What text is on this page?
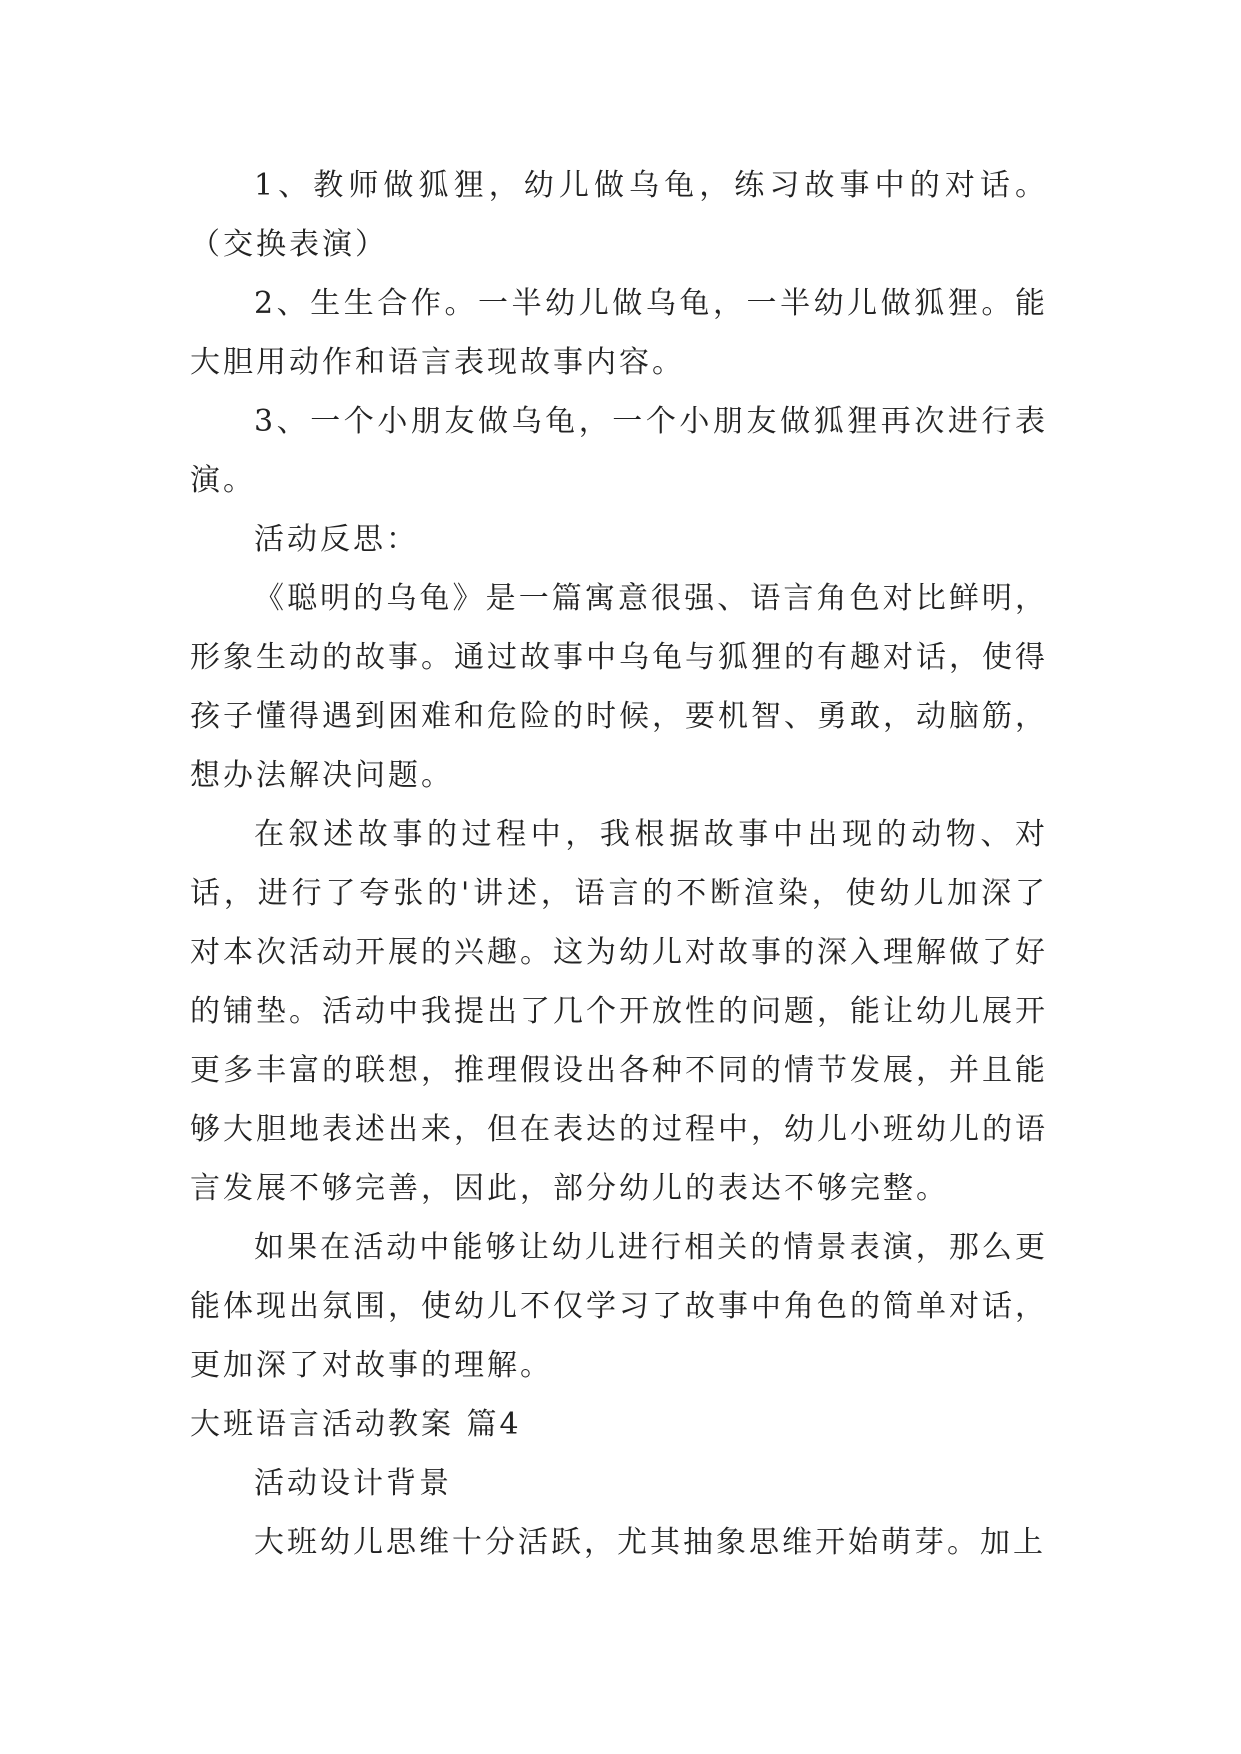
1、教师做狐狸，幼儿做乌龟，练习故事中的对话。（交换表演）

2、生生合作。一半幼儿做乌龟，一半幼儿做狐狸。能大胆用动作和语言表现故事内容。

3、一个小朋友做乌龟，一个小朋友做狐狸再次进行表演。

活动反思：

《聪明的乌龟》是一篇寓意很强、语言角色对比鲜明，形象生动的故事。通过故事中乌龟与狐狸的有趣对话，使得孩子懂得遇到困难和危险的时候，要机智、勇敢，动脑筋，想办法解决问题。

在叙述故事的过程中，我根据故事中出现的动物、对话，进行了夸张的'讲述，语言的不断渲染，使幼儿加深了对本次活动开展的兴趣。这为幼儿对故事的深入理解做了好的铺垫。活动中我提出了几个开放性的问题，能让幼儿展开更多丰富的联想，推理假设出各种不同的情节发展，并且能够大胆地表述出来，但在表达的过程中，幼儿小班幼儿的语言发展不够完善，因此，部分幼儿的表达不够完整。

如果在活动中能够让幼儿进行相关的情景表演，那么更能体现出氛围，使幼儿不仅学习了故事中角色的简单对话，更加深了对故事的理解。

大班语言活动教案 篇4

活动设计背景

大班幼儿思维十分活跃，尤其抽象思维开始萌芽。加上
